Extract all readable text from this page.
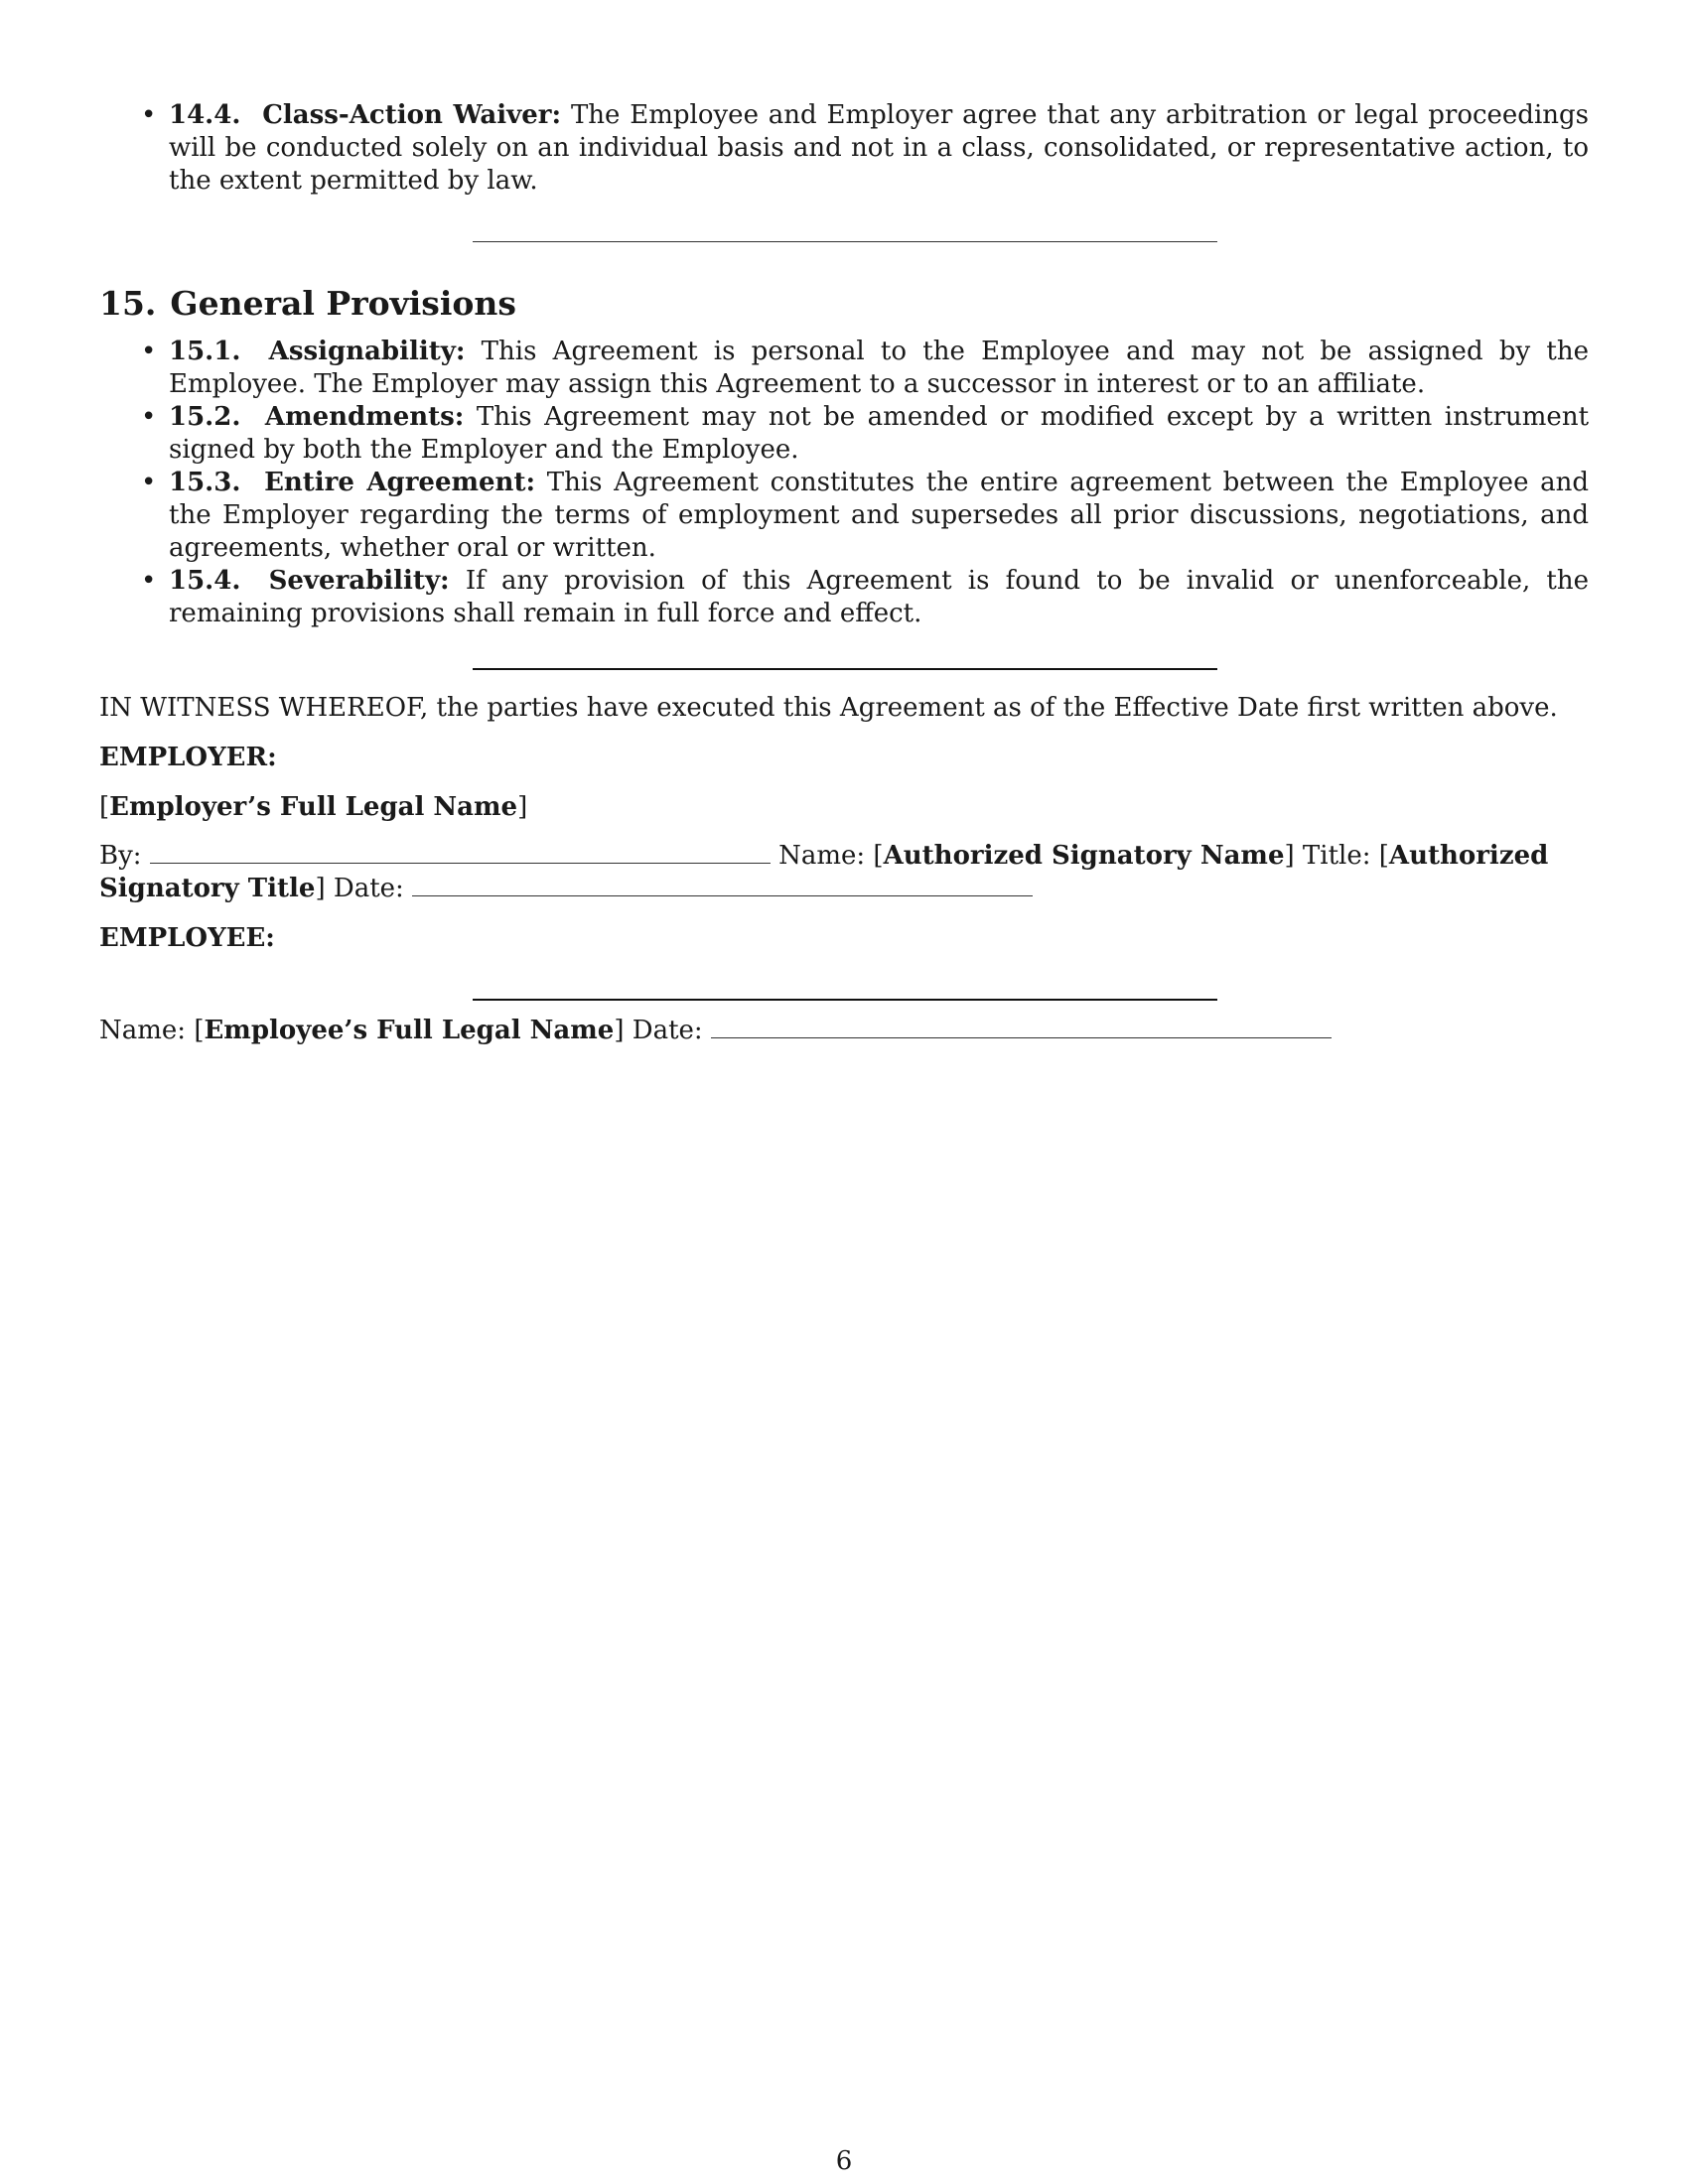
• 14.4. Class-Action Waiver: The Employee and Employer agree that any arbitration or legal proceedings will be conducted solely on an individual basis and not in a class, consolidated, or representative action, to the extent permitted by law.
15. General Provisions
• 15.1. Assignability: This Agreement is personal to the Employee and may not be assigned by the Employee. The Employer may assign this Agreement to a successor in interest or to an affiliate.
• 15.2. Amendments: This Agreement may not be amended or modified except by a written instrument signed by both the Employer and the Employee.
• 15.3. Entire Agreement: This Agreement constitutes the entire agreement between the Employee and the Employer regarding the terms of employment and supersedes all prior discussions, negotiations, and agreements, whether oral or written.
• 15.4. Severability: If any provision of this Agreement is found to be invalid or unenforceable, the remaining provisions shall remain in full force and effect.

IN WITNESS WHEREOF, the parties have executed this Agreement as of the Effective Date first written above.

EMPLOYER:

[Employer’s Full Legal Name]

By:	Name: [Authorized Signatory Name] Title: [Authorized Signatory Title] Date:

EMPLOYEE:

Name: [Employee’s Full Legal Name] Date:

6
